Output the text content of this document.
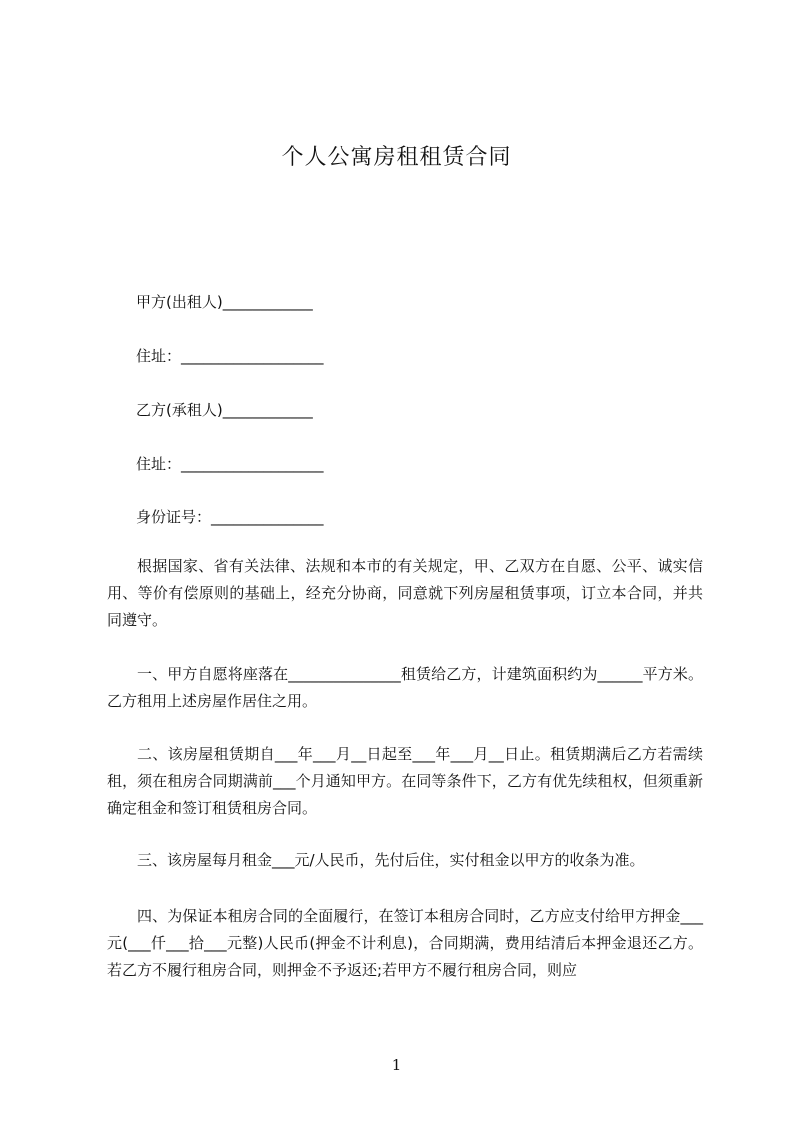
个人公寓房租租赁合同
甲方(出租人)____________
住址：___________________
乙方(承租人)____________
住址：___________________
身份证号：_______________
根据国家、省有关法律、法规和本市的有关规定，甲、乙双方在自愿、公平、诚实信用、等价有偿原则的基础上，经充分协商，同意就下列房屋租赁事项，订立本合同，并共同遵守。
一、甲方自愿将座落在_______________租赁给乙方，计建筑面积约为______平方米。乙方租用上述房屋作居住之用。
二、该房屋租赁期自___年___月__日起至___年___月__日止。租赁期满后乙方若需续租，须在租房合同期满前___个月通知甲方。在同等条件下，乙方有优先续租权，但须重新确定租金和签订租赁租房合同。
三、该房屋每月租金___元/人民币，先付后住，实付租金以甲方的收条为准。
四、为保证本租房合同的全面履行，在签订本租房合同时，乙方应支付给甲方押金___元(___仟___拾___元整)人民币(押金不计利息)，合同期满，费用结清后本押金退还乙方。若乙方不履行租房合同，则押金不予返还;若甲方不履行租房合同，则应
1
